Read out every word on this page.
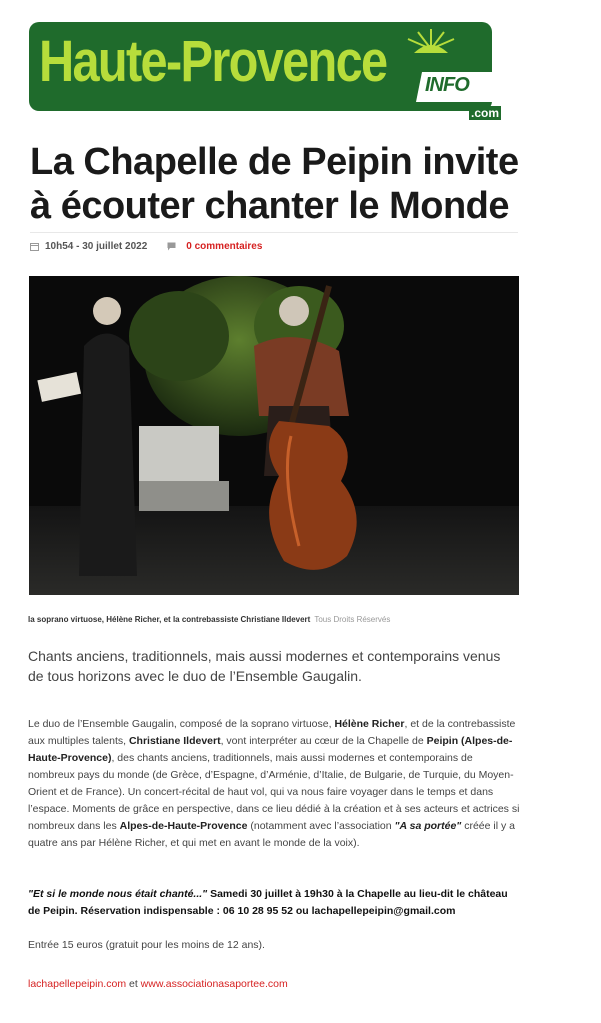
Haute-Provence INFO
.com
La Chapelle de Peipin invite à écouter chanter le Monde
10h54 - 30 juillet 2022	0 commentaires
la soprano virtuose, Hélène Richer, et la contrebassiste Christiane Ildevert Tous Droits Réservés

Chants anciens, traditionnels, mais aussi modernes et contemporains venus de tous horizons avec le duo de l’Ensemble Gaugalin.

Le duo de l’Ensemble Gaugalin, composé de la soprano virtuose, Hélène Richer, et de la contrebassiste aux multiples talents, Christiane Ildevert, vont interpréter au cœur de la Chapelle de Peipin (Alpes-de-Haute-Provence), des chants anciens, traditionnels, mais aussi modernes et contemporains de nombreux pays du monde (de Grèce, d’Espagne, d’Arménie, d’Italie, de Bulgarie, de Turquie, du Moyen-Orient et de France). Un concert-récital de haut vol, qui va nous faire voyager dans le temps et dans l’espace. Moments de grâce en perspective, dans ce lieu dédié à la création et à ses acteurs et actrices si nombreux dans les Alpes-de-Haute-Provence (notamment avec l’association "A sa portée" créée il y a quatre ans par Hélène Richer, et qui met en avant le monde de la voix).

"Et si le monde nous était chanté..." Samedi 30 juillet à 19h30 à la Chapelle au lieu-dit le château de Peipin. Réservation indispensable : 06 10 28 95 52 ou lachapellepeipin@gmail.com

Entrée 15 euros (gratuit pour les moins de 12 ans).

lachapellepeipin.com et www.associationasaportee.com
